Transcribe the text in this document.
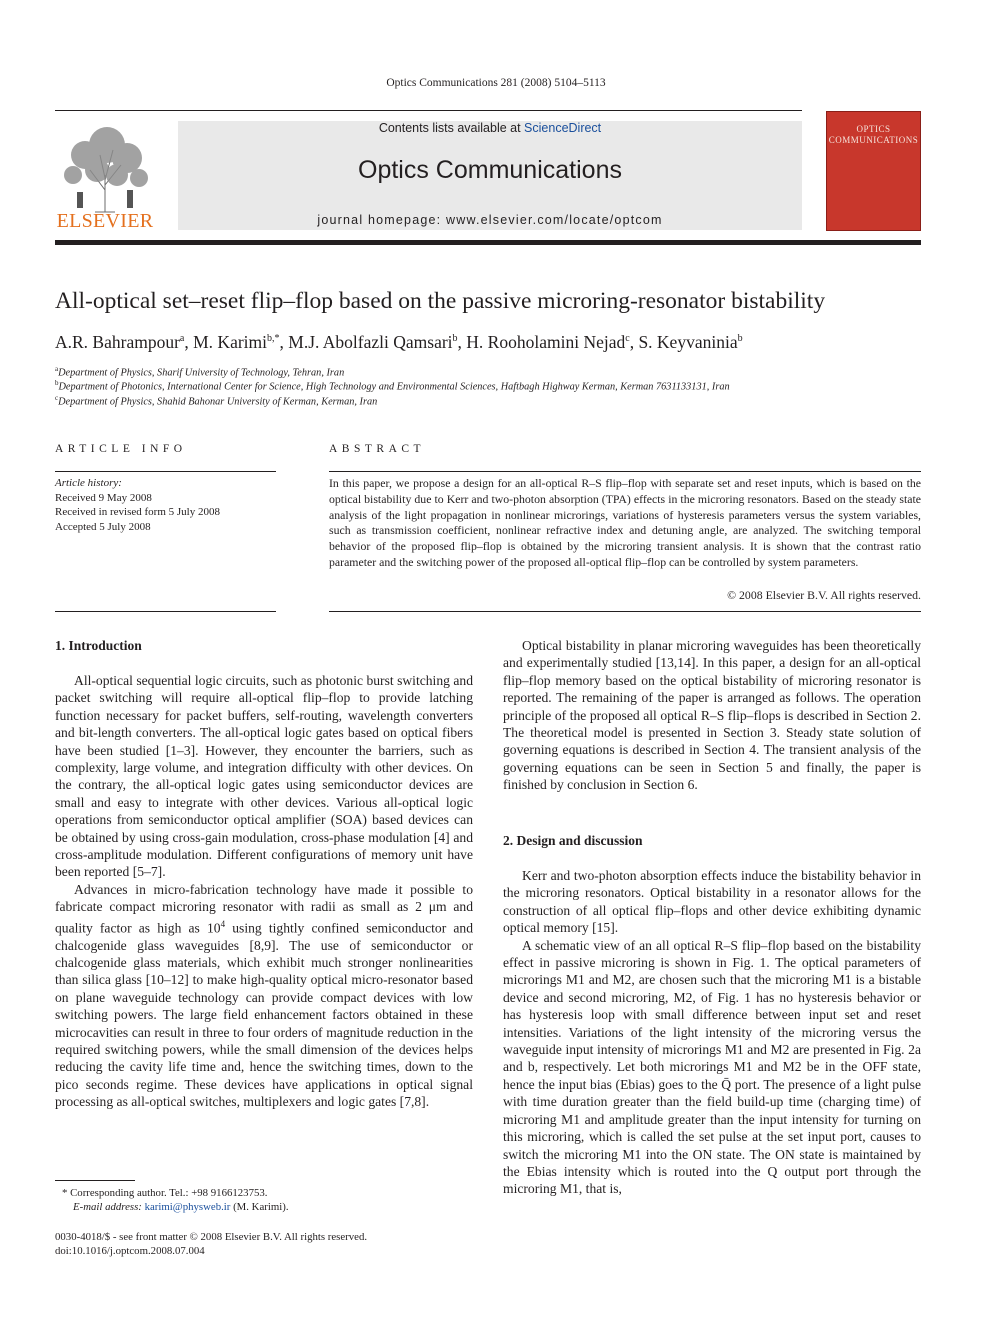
Optics Communications 281 (2008) 5104–5113
ELSEVIER
Contents lists available at ScienceDirect
Optics Communications
journal homepage: www.elsevier.com/locate/optcom
OPTICS
COMMUNICATIONS
All-optical set–reset flip–flop based on the passive microring-resonator bistability
A.R. Bahrampour$^a$, M. Karimi$^{b,*}$, M.J. Abolfazli Qamsari$^b$, H. Rooholamini Nejad$^c$, S. Keyvaninia$^b$
$^a$Department of Physics, Sharif University of Technology, Tehran, Iran
$^b$Department of Photonics, International Center for Science, High Technology and Environmental Sciences, Haftbagh Highway Kerman, Kerman 7631133131, Iran
$^c$Department of Physics, Shahid Bahonar University of Kerman, Kerman, Iran
ARTICLE INFO
Article history:
Received 9 May 2008
Received in revised form 5 July 2008
Accepted 5 July 2008
ABSTRACT
In this paper, we propose a design for an all-optical R–S flip–flop with separate set and reset inputs, which is based on the optical bistability due to Kerr and two-photon absorption (TPA) effects in the microring resonators. Based on the steady state analysis of the light propagation in nonlinear microrings, variations of hysteresis parameters versus the system variables, such as transmission coefficient, nonlinear refractive index and detuning angle, are analyzed. The switching temporal behavior of the proposed flip–flop is obtained by the microring transient analysis. It is shown that the contrast ratio parameter and the switching power of the proposed all-optical flip–flop can be controlled by system parameters.
© 2008 Elsevier B.V. All rights reserved.
1. Introduction

All-optical sequential logic circuits, such as photonic burst switching and packet switching will require all-optical flip–flop to provide latching function necessary for packet buffers, self-routing, wavelength converters and bit-length converters. The all-optical logic gates based on optical fibers have been studied [1–3]. However, they encounter the barriers, such as complexity, large volume, and integration difficulty with other devices. On the contrary, the all-optical logic gates using semiconductor devices are small and easy to integrate with other devices. Various all-optical logic operations from semiconductor optical amplifier (SOA) based devices can be obtained by using cross-gain modulation, cross-phase modulation [4] and cross-amplitude modulation. Different configurations of memory unit have been reported [5–7].

Advances in micro-fabrication technology have made it possible to fabricate compact microring resonator with radii as small as 2 μm and quality factor as high as $10^4$ using tightly confined semiconductor and chalcogenide glass waveguides [8,9]. The use of semiconductor or chalcogenide glass materials, which exhibit much stronger nonlinearities than silica glass [10–12] to make high-quality optical micro-resonator based on plane waveguide technology can provide compact devices with low switching powers. The large field enhancement factors obtained in these microcavities can result in three to four orders of magnitude reduction in the required switching powers, while the small dimension of the devices helps reducing the cavity life time and, hence the switching times, down to the pico seconds regime. These devices have applications in optical signal processing as all-optical switches, multiplexers and logic gates [7,8].

Optical bistability in planar microring waveguides has been theoretically and experimentally studied [13,14]. In this paper, a design for an all-optical flip–flop memory based on the optical bistability of microring resonator is reported. The remaining of the paper is arranged as follows. The operation principle of the proposed all optical R–S flip–flops is described in Section 2. The theoretical model is presented in Section 3. Steady state solution of governing equations is described in Section 4. The transient analysis of the governing equations can be seen in Section 5 and finally, the paper is finished by conclusion in Section 6.

2. Design and discussion

Kerr and two-photon absorption effects induce the bistability behavior in the microring resonators. Optical bistability in a resonator allows for the construction of all optical flip–flops and other device exhibiting dynamic optical memory [15].

A schematic view of an all optical R–S flip–flop based on the bistability effect in passive microring is shown in Fig. 1. The optical parameters of microrings M1 and M2, are chosen such that the microring M1 is a bistable device and second microring, M2, of Fig. 1 has no hysteresis behavior or has hysteresis loop with small difference between input set and reset intensities. Variations of the light intensity of the microring versus the waveguide input intensity of microrings M1 and M2 are presented in Fig. 2a and b, respectively. Let both microrings M1 and M2 be in the OFF state, hence the input bias (Ebias) goes to the Q̄ port. The presence of a light pulse with time duration greater than the field build-up time (charging time) of microring M1 and amplitude greater than the input intensity for turning on this microring, which is called the set pulse at the set input port, causes to switch the microring M1 into the ON state. The ON state is maintained by the Ebias intensity which is routed into the Q output port through the microring M1, that is,

* Corresponding author. Tel.: +98 9166123753.
E-mail address: karimi@physweb.ir (M. Karimi).
0030-4018/$ - see front matter © 2008 Elsevier B.V. All rights reserved.
doi:10.1016/j.optcom.2008.07.004
